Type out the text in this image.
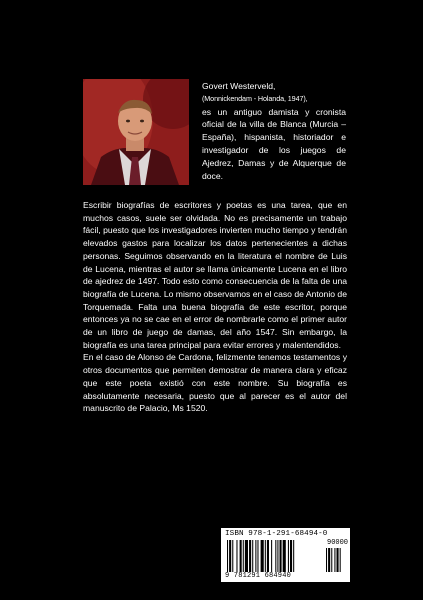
Govert Westerveld,
(Monnickendam - Holanda, 1947),
es un antiguo damista y cronista oficial de la villa de Blanca (Murcia – España), hispanista, historiador e investigador de los juegos de Ajedrez, Damas y de Alquerque de doce.

Escribir biografías de escritores y poetas es una tarea, que en muchos casos, suele ser olvidada. No es precisamente un trabajo fácil, puesto que los investigadores invierten mucho tiempo y tendrán elevados gastos para localizar los datos pertenecientes a dichas personas. Seguimos observando en la literatura el nombre de Luis de Lucena, mientras el autor se llama únicamente Lucena en el libro de ajedrez de 1497. Todo esto como consecuencia de la falta de una biografía de Lucena. Lo mismo observamos en el caso de Antonio de Torquemada. Falta una buena biografía de este escritor, porque entonces ya no se cae en el error de nombrarle como el primer autor de un libro de juego de damas, del año 1547. Sin embargo, la biografía es una tarea principal para evitar errores y malentendidos.

En el caso de Alonso de Cardona, felizmente tenemos testamentos y otros documentos que permiten demostrar de manera clara y eficaz que este poeta existió con este nombre. Su biografía es absolutamente necesaria, puesto que al parecer es el autor del manuscrito de Palacio, Ms 1520.

ISBN 978-1-291-68494-0
90000
9 781291 684940
